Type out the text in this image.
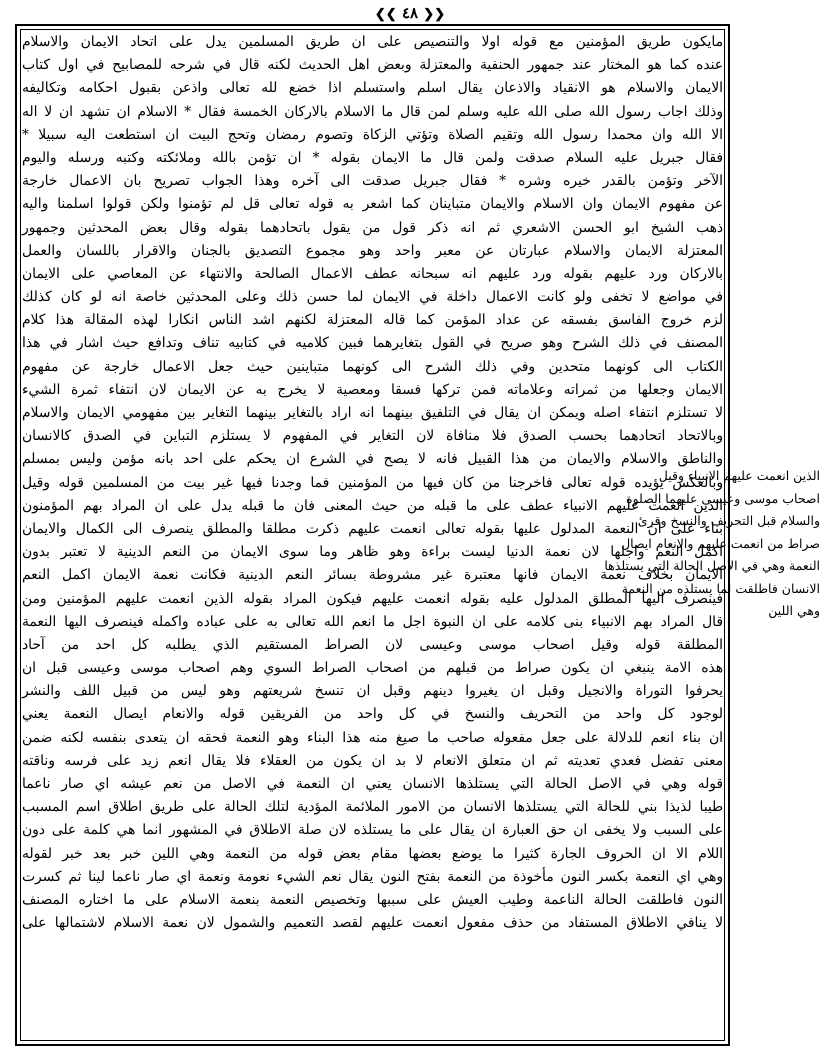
❮❮ ٤٨ ❯❯
مايكون طريق المؤمنين مع قوله اولا والتنصيص على ان طريق المسلمين يدل على اتحاد الايمان والاسلام
عنده كما هو المختار عند جمهور الحنفية والمعتزلة وبعض اهل الحديث لكنه قال في شرحه للمصابيح في اول كتاب
الايمان والاسلام هو الانقياد والاذعان يقال اسلم واستسلم اذا خضع لله تعالى واذعن بقبول احكامه وتكاليفه
وذلك اجاب رسول الله صلى الله عليه وسلم لمن قال ما الاسلام بالاركان الخمسة فقال * الاسلام ان تشهد ان لا اله
الا الله وان محمدا رسول الله وتقيم الصلاة وتؤتي الزكاة وتصوم رمضان وتحج البيت ان استطعت اليه سبيلا *
فقال جبريل عليه السلام صدقت ولمن قال ما الايمان بقوله * ان تؤمن بالله وملائكته وكتبه ورسله واليوم
الآخر وتؤمن بالقدر خيره وشره * فقال جبريل صدقت الى آخره وهذا الجواب تصريح بان الاعمال خارجة
عن مفهوم الايمان وان الاسلام والايمان متباينان كما اشعر به قوله تعالى قل لم تؤمنوا ولكن قولوا اسلمنا واليه
ذهب الشيخ ابو الحسن الاشعري ثم انه ذكر قول من يقول باتحادهما بقوله وقال بعض المحدثين وجمهور
المعتزلة الايمان والاسلام عبارتان عن معبر واحد وهو مجموع التصديق بالجنان والاقرار باللسان والعمل
بالاركان ورد عليهم بقوله ورد عليهم انه سبحانه عطف الاعمال الصالحة والانتهاء عن المعاصي على الايمان
في مواضع لا تخفى ولو كانت الاعمال داخلة في الايمان لما حسن ذلك وعلى المحدثين خاصة انه لو كان كذلك
لزم خروج الفاسق بفسقه عن عداد المؤمن كما قاله المعتزلة لكنهم اشد الناس انكارا لهذه المقالة هذا كلام
المصنف في ذلك الشرح وهو صريح في القول بتغايرهما فبين كلاميه في كتابيه تناف وتدافع حيث اشار في هذا
الكتاب الى كونهما متحدين وفي ذلك الشرح الى كونهما متباينين حيث جعل الاعمال خارجة عن مفهوم
الايمان وجعلها من ثمراته وعلاماته فمن تركها فسقا ومعصية لا يخرج به عن الايمان لان انتفاء ثمرة الشيء
لا تستلزم انتفاء اصله ويمكن ان يقال في التلفيق بينهما انه اراد بالتغاير بينهما التغاير بين مفهومي الايمان والاسلام
وبالاتحاد اتحادهما بحسب الصدق فلا منافاة لان التغاير في المفهوم لا يستلزم التباين في الصدق كالانسان
والناطق والاسلام والايمان من هذا القبيل فانه لا يصح في الشرع ان يحكم على احد بانه مؤمن وليس بمسلم
وبالعكس يؤيده قوله تعالى فاخرجنا من كان فيها من المؤمنين فما وجدنا فيها غير بيت من المسلمين قوله وقيل
الذين انعمت عليهم الانبياء عطف على ما قبله من حيث المعنى فان ما قبله يدل على ان المراد بهم المؤمنون
بناء على ان النعمة المدلول عليها بقوله تعالى انعمت عليهم ذكرت مطلقا والمطلق ينصرف الى الكمال والايمان
اكمل النعم واجلها لان نعمة الدنيا ليست براءة وهو ظاهر وما سوى الايمان من النعم الدينية لا تعتبر بدون
الايمان بخلاف نعمة الايمان فانها معتبرة غير مشروطة بسائر النعم الدينية فكانت نعمة الايمان اكمل النعم
فينصرف اليها المطلق المدلول عليه بقوله انعمت عليهم فيكون المراد بقوله الذين انعمت عليهم المؤمنين ومن
قال المراد بهم الانبياء بنى كلامه على ان النبوة اجل ما انعم الله تعالى به على عباده واكمله فينصرف اليها النعمة
المطلقة قوله وقيل اصحاب موسى وعيسى لان الصراط المستقيم الذي يطلبه كل احد من آحاد
هذه الامة ينبغي ان يكون صراط من قبلهم من اصحاب الصراط السوي وهم اصحاب موسى وعيسى قبل ان
يحرفوا التوراة والانجيل وقبل ان يغيروا دينهم وقبل ان تنسخ شريعتهم وهو ليس من قبيل اللف والنشر
لوجود كل واحد من التحريف والنسخ في كل واحد من الفريقين قوله والانعام ايصال النعمة يعني
ان بناء انعم للدلالة على جعل مفعوله صاحب ما صيغ منه هذا البناء وهو النعمة فحقه ان يتعدى بنفسه لكنه ضمن
معنى تفضل فعدي تعديته ثم ان متعلق الانعام لا بد ان يكون من العقلاء فلا يقال انعم زيد على فرسه وناقته
قوله وهي في الاصل الحالة التي يستلذها الانسان يعني ان النعمة في الاصل من نعم عيشه اي صار ناعما
طيبا لذيذا بني للحالة التي يستلذها الانسان من الامور الملائمة المؤدية لتلك الحالة على طريق اطلاق اسم المسبب
على السبب ولا يخفى ان حق العبارة ان يقال على ما يستلذه لان صلة الاطلاق في المشهور انما هي كلمة على دون
اللام الا ان الحروف الجارة كثيرا ما يوضع بعضها مقام بعض قوله من النعمة وهي اللين خبر بعد خبر لقوله
وهي اي النعمة بكسر النون مأخوذة من النعمة بفتح النون يقال نعم الشيء نعومة ونعمة اي صار ناعما لينا ثم كسرت
النون فاطلقت الحالة الناعمة وطيب العيش على سببها وتخصيص النعمة بنعمة الاسلام على ما اختاره المصنف
لا ينافي الاطلاق المستفاد من حذف مفعول انعمت عليهم لقصد التعميم والشمول لان نعمة الاسلام لاشتمالها على
الذين انعمت عليهم الانبياء وقيل
اصحاب موسى وعيسى عليهما الصلوة
والسلام قبل التحريف والنسخ وقرئ
صراط من انعمت عليهم والانعام ايصال
النعمة وهي في الاصل الحالة التي يستلذها
الانسان فاطلقت لما يستلذه من النعمة
وهي اللين
